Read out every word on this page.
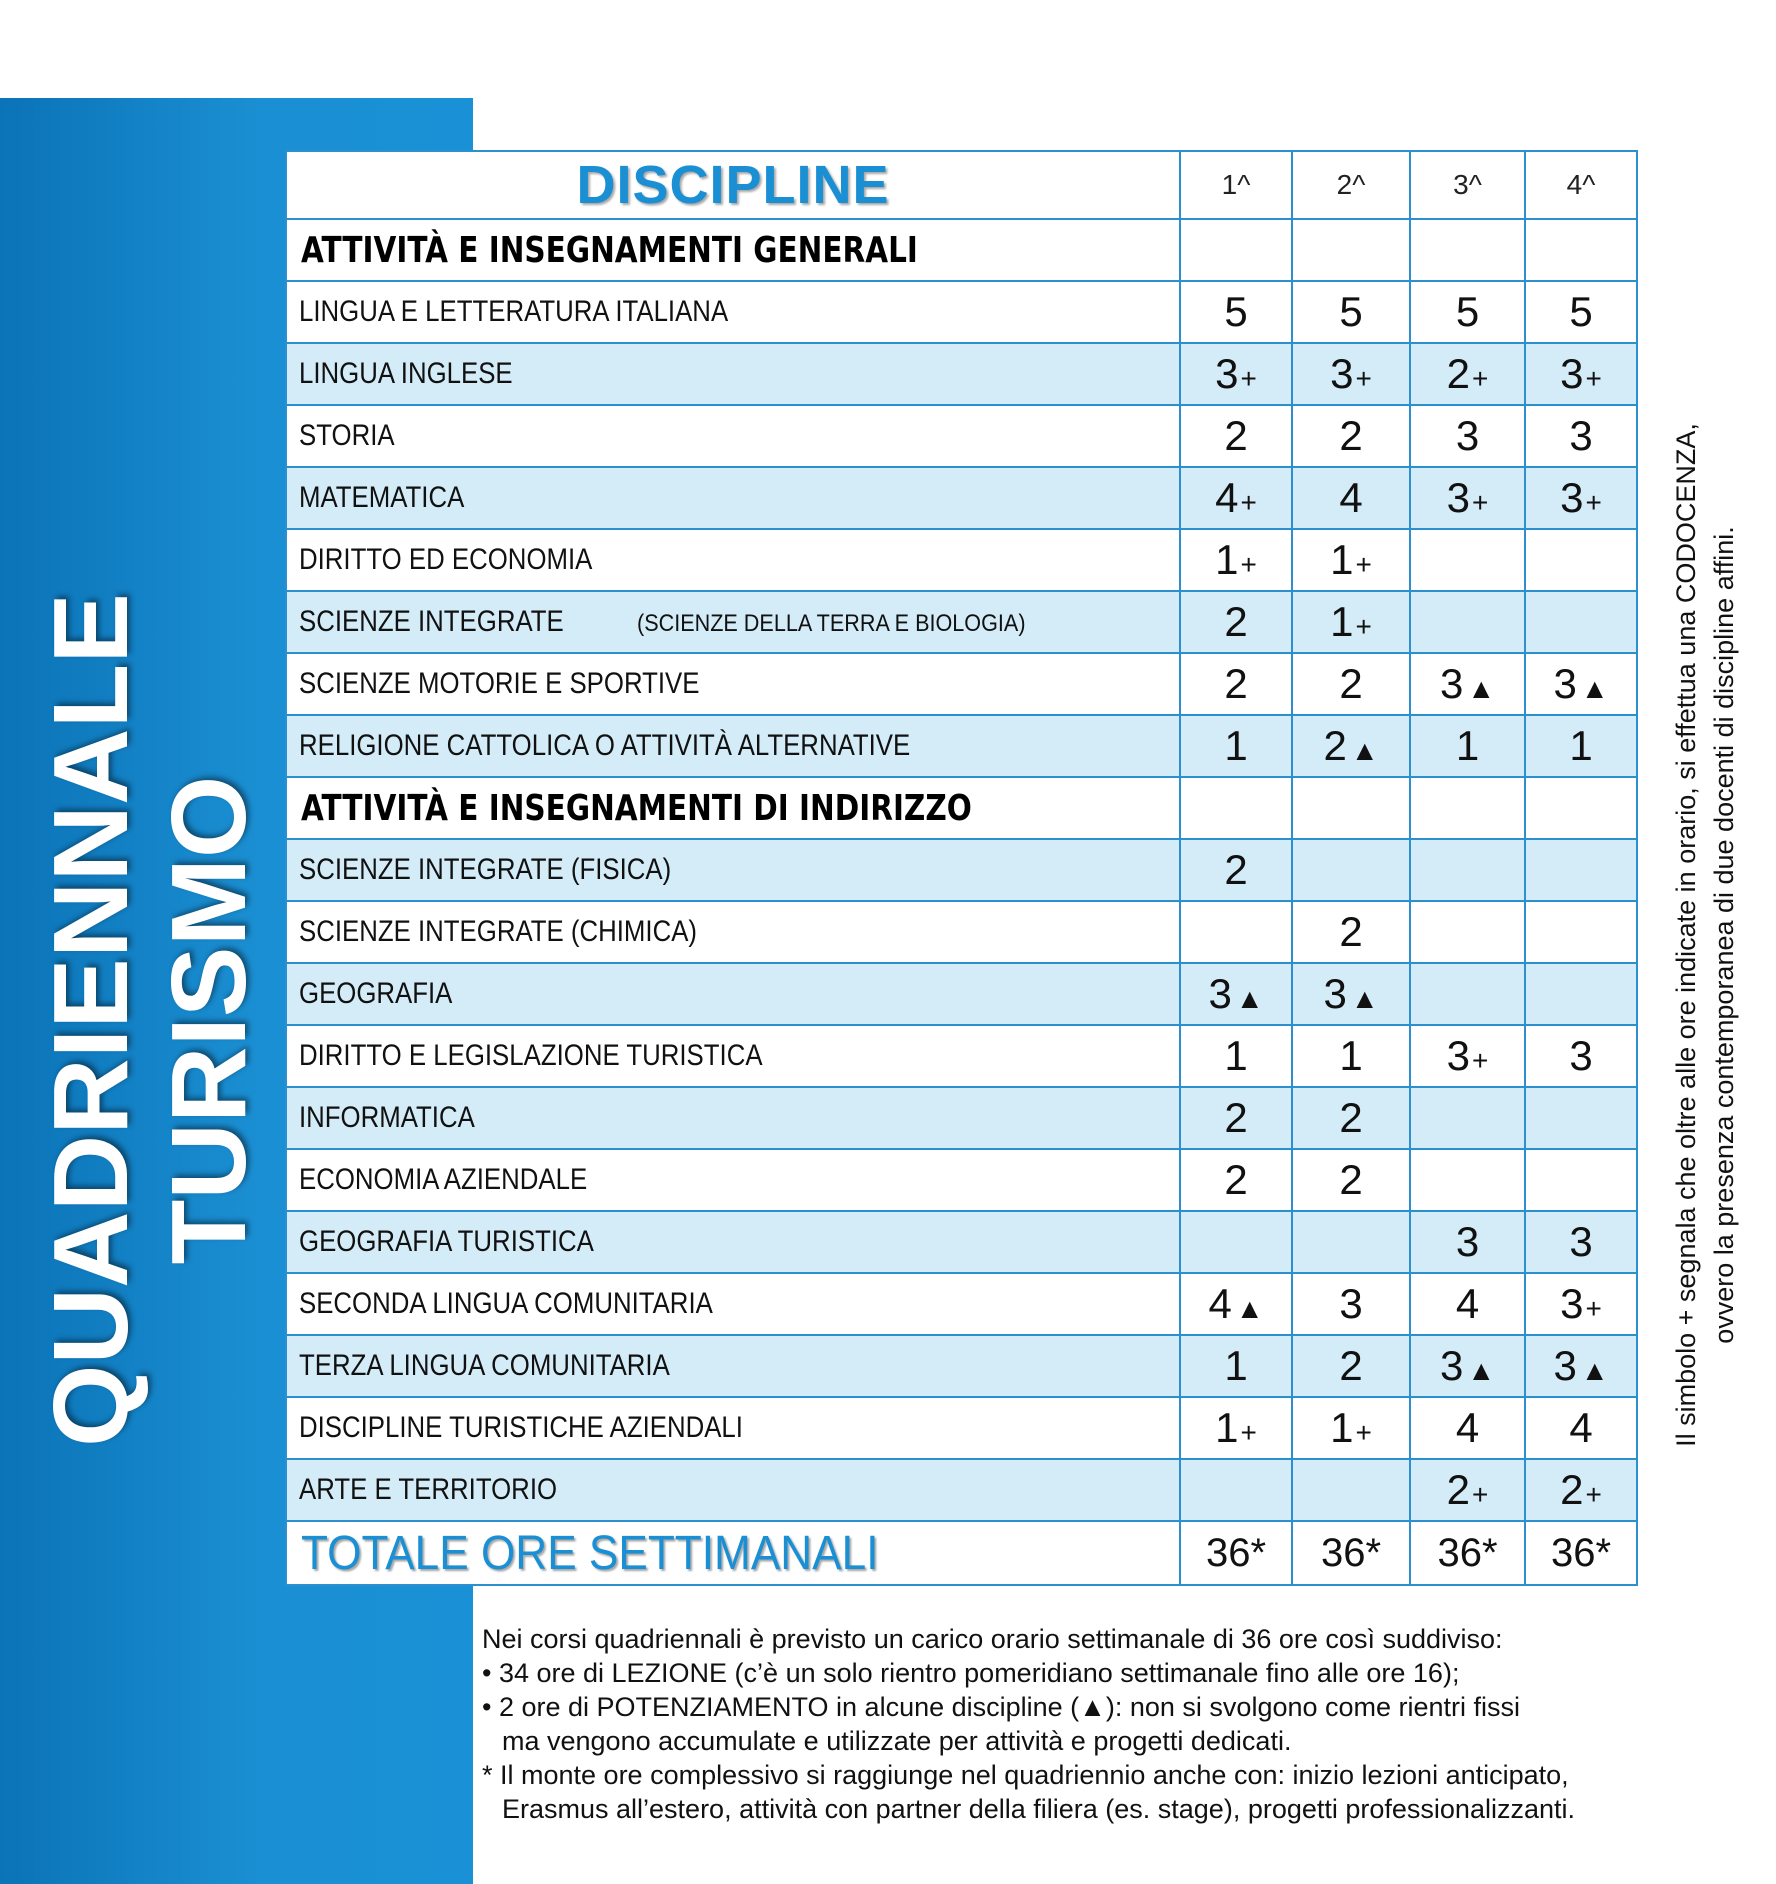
QUADRIENNALE TURISMO
DISCIPLINE	1^	2^	3^	4^
ATTIVITÀ E INSEGNAMENTI GENERALI				
LINGUA E LETTERATURA ITALIANA	5	5	5	5
LINGUA INGLESE	3+	3+	2+	3+
STORIA	2	2	3	3
MATEMATICA	4+	4	3+	3+
DIRITTO ED ECONOMIA	1+	1+		
SCIENZE INTEGRATE (SCIENZE DELLA TERRA E BIOLOGIA)	2	1+		
SCIENZE MOTORIE E SPORTIVE	2	2	3 ▲	3 ▲
RELIGIONE CATTOLICA O ATTIVITÀ ALTERNATIVE	1	2 ▲	1	1
ATTIVITÀ E INSEGNAMENTI DI INDIRIZZO				
SCIENZE INTEGRATE (FISICA)	2			
SCIENZE INTEGRATE (CHIMICA)		2		
GEOGRAFIA	3 ▲	3 ▲		
DIRITTO E LEGISLAZIONE TURISTICA	1	1	3+	3
INFORMATICA	2	2		
ECONOMIA AZIENDALE	2	2		
GEOGRAFIA TURISTICA			3	3
SECONDA LINGUA COMUNITARIA	4 ▲	3	4	3+
TERZA LINGUA COMUNITARIA	1	2	3 ▲	3 ▲
DISCIPLINE TURISTICHE AZIENDALI	1+	1+	4	4
ARTE E TERRITORIO			2+	2+
TOTALE ORE SETTIMANALI	36*	36*	36*	36*
Il simbolo + segnala che oltre alle ore indicate in orario, si effettua una CODOCENZA, ovvero la presenza contemporanea di due docenti di discipline affini.
Nei corsi quadriennali è previsto un carico orario settimanale di 36 ore così suddiviso:
• 34 ore di LEZIONE (c’è un solo rientro pomeridiano settimanale fino alle ore 16);
• 2 ore di POTENZIAMENTO in alcune discipline (▲): non si svolgono come rientri fissi
ma vengono accumulate e utilizzate per attività e progetti dedicati.
* Il monte ore complessivo si raggiunge nel quadriennio anche con: inizio lezioni anticipato,
Erasmus all’estero, attività con partner della filiera (es. stage), progetti professionalizzanti.
